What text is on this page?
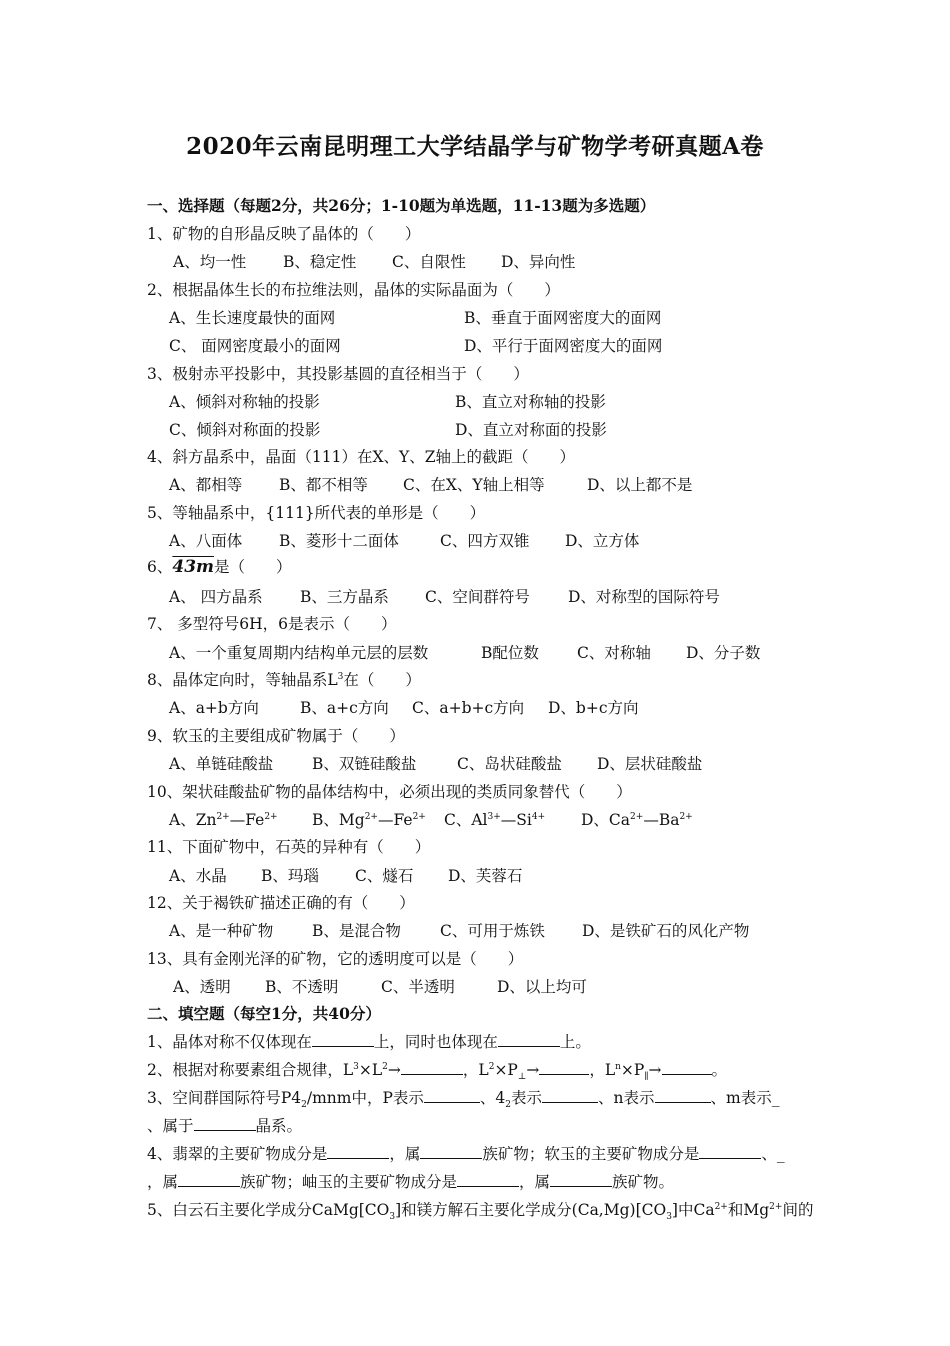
2020年云南昆明理工大学结晶学与矿物学考研真题A卷
一、选择题（每题2分，共26分；1-10题为单选题，11-13题为多选题）
1、矿物的自形晶反映了晶体的（　　）
A、均一性 B、稳定性 C、自限性 D、异向性
2、根据晶体生长的布拉维法则，晶体的实际晶面为（　　）
A、生长速度最快的面网	B、垂直于面网密度大的面网
C、 面网密度最小的面网	D、平行于面网密度大的面网
3、极射赤平投影中，其投影基圆的直径相当于（　　）
A、倾斜对称轴的投影	B、直立对称轴的投影
C、倾斜对称面的投影	D、直立对称面的投影
4、斜方晶系中，晶面（111）在X、Y、Z轴上的截距（　　）
A、都相等 B、都不相等 C、在X、Y轴上相等	D、以上都不是
5、等轴晶系中，{111}所代表的单形是（　　）
A、八面体 B、菱形十二面体	C、四方双锥 D、立方体
6、43m是（　　）
A、 四方晶系 B、三方晶系 C、空间群符号 D、对称型的国际符号
7、 多型符号6H，6是表示（　　）
A、一个重复周期内结构单元层的层数	B配位数 C、对称轴 D、分子数
8、晶体定向时，等轴晶系$L^3$在（　　）
A、a+b方向	B、a+c方向 C、a+b+c方向 D、b+c方向
9、软玉的主要组成矿物属于（　　）
A、单链硅酸盐	B、双链硅酸盐	C、岛状硅酸盐 D、层状硅酸盐
10、架状硅酸盐矿物的晶体结构中，必须出现的类质同象替代（　　）
A、$Zn^{2+}—Fe^{2+}$ B、$Mg^{2+}—Fe^{2+}$ C、$Al^{3+}—Si^{4+}$ D、$Ca^{2+}—Ba^{2+}$
11、下面矿物中，石英的异种有（　　）
A、水晶 B、玛瑙 C、燧石 D、芙蓉石
12、关于褐铁矿描述正确的有（　　）
A、是一种矿物	B、是混合物	C、可用于炼铁 D、是铁矿石的风化产物
13、具有金刚光泽的矿物，它的透明度可以是（　　）
A、透明 B、不透明	C、半透明	D、以上均可
二、填空题（每空1分，共40分）
1、晶体对称不仅体现在	上，同时也体现在	上。
2、根据对称要素组合规律，$L^3\times L^2\to$	，$L^2\times P_\perp\to$	，$L^n\times P_\parallel\to$	。
3、空间群国际符号$P4_2$/mnm中，P表示	、$4_2$表示	、n表示	、m表示_
、属于	晶系。
4、翡翠的主要矿物成分是	，属	族矿物；软玉的主要矿物成分是	、_
，属	族矿物；岫玉的主要矿物成分是	，属	族矿物。
5、白云石主要化学成分$CaMg[CO_3]$和镁方解石主要化学成分$(Ca,Mg)[CO_3]$中$Ca^{2+}$和$Mg^{2+}$间的
